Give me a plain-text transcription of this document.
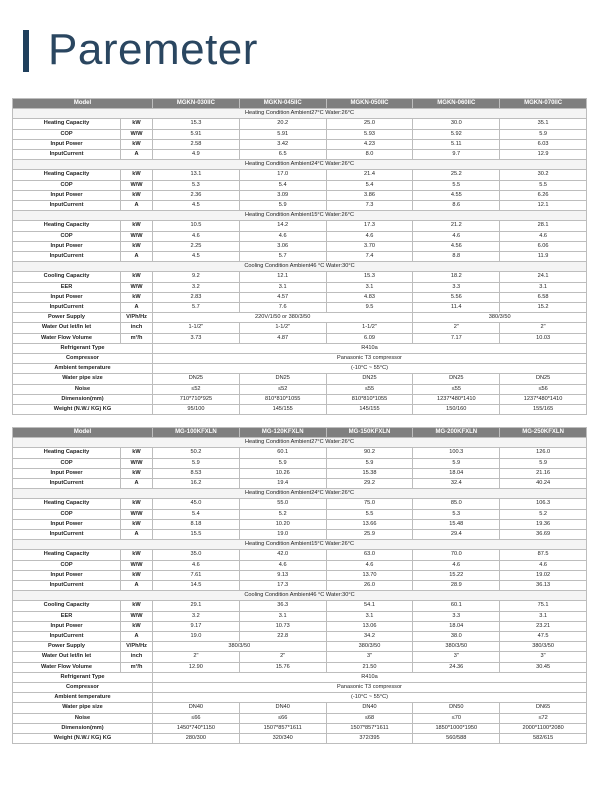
Paremeter
Model		MGKN-030IIC	MGKN-045IIC	MGKN-050IIC	MGKN-060IIC	MGKN-070IIC
Heating Condition Ambient27°C Water:26°C						
Heating Capacity	kW	15.3	20.2	25.0	30.0	35.1
COP	W/W	5.91	5.91	5.93	5.92	5.9
Input Power	kW	2.58	3.42	4.23	5.11	6.03
InputCurrent	A	4.9	6.5	8.0	9.7	12.9
Heating Condition Ambient24°C Water:26°C						
Heating Capacity	kW	13.1	17.0	21.4	25.2	30.2
COP	W/W	5.3	5.4	5.4	5.5	5.5
Input Power	kW	2.36	3.09	3.86	4.55	6.26
InputCurrent	A	4.5	5.9	7.3	8.6	12.1
Heating Condition Ambient15°C Water:26°C						
Heating Capacity	kW	10.5	14.2	17.3	21.2	28.1
COP	W/W	4.6	4.6	4.6	4.6	4.6
Input Power	kW	2.25	3.06	3.70	4.56	6.06
InputCurrent	A	4.5	5.7	7.4	8.8	11.9
Cooling Condition Ambient46 °C Water:30°C						
Cooling Capacity	kW	9.2	12.1	15.3	18.2	24.1
EER	W/W	3.2	3.1	3.1	3.3	3.1
Input Power	kW	2.83	4.57	4.83	5.56	6.58
InputCurrent	A	5.7	7.6	9.5	11.4	15.2
Power Supply	V/Ph/Hz	220V/1/50 or 380/3/50			380/3/50	
Water Out let/In let	inch	1-1/2"	1-1/2"	1-1/2"	2"	2"
Water Flow Volume	m³/h	3.73	4.87	6.09	7.17	10.03
Refrigerant Type		R410a				
Compressor		Panasonic T3 compressor				
Ambient temperature		(-10°C ~ 55°C)				
Water pipe size		DN25	DN25	DN25	DN25	DN25
Noise		≤52	≤52	≤55	≤55	≤56
Dimension(mm)		710*710*925	810*810*1055	810*810*1055	1237*480*1410	1237*480*1410
Weight (N.W./ KG) KG		95/100	145/155	145/155	150/160	155/165
Model		MG-100KFXLN	MG-120KFXLN	MG-150KFXLN	MG-200KFXLN	MG-250KFXLN
Heating Condition Ambient27°C Water:26°C						
Heating Capacity	kW	50.2	60.1	90.2	100.3	126.0
COP	W/W	5.9	5.9	5.9	5.9	5.9
Input Power	kW	8.53	10.26	15.38	18.04	21.16
InputCurrent	A	16.2	19.4	29.2	32.4	40.24
Heating Condition Ambient24°C Water:26°C						
Heating Capacity	kW	45.0	55.0	75.0	85.0	106.3
COP	W/W	5.4	5.2	5.5	5.3	5.2
Input Power	kW	8.18	10.20	13.66	15.48	19.36
InputCurrent	A	15.5	19.0	25.9	29.4	36.69
Heating Condition Ambient15°C Water:26°C						
Heating Capacity	kW	35.0	42.0	63.0	70.0	87.5
COP	W/W	4.6	4.6	4.6	4.6	4.6
Input Power	kW	7.61	9.13	13.70	15.22	19.02
InputCurrent	A	14.5	17.3	26.0	28.9	36.13
Cooling Condition Ambient46 °C Water:30°C						
Cooling Capacity	kW	29.1	36.3	54.1	60.1	75.1
EER	W/W	3.2	3.1	3.1	3.3	3.1
Input Power	kW	9.17	10.73	13.06	18.04	23.21
InputCurrent	A	19.0	22.8	34.2	38.0	47.5
Power Supply	V/Ph/Hz	380/3/50		380/3/50	380/3/50	380/3/50
Water Out let/In let	inch	2"	2"	3"	3"	3"
Water Flow Volume	m³/h	12.90	15.76	21.50	24.36	30.45
Refrigerant Type		R410a				
Compressor		Panasonic T3 compressor				
Ambient temperature		(-10°C ~ 55°C)				
Water pipe size		DN40	DN40	DN40	DN50	DN65
Noise		≤66	≤66	≤68	≤70	≤72
Dimension(mm)		1450*740*1150	1507*857*1611	1507*857*1611	1850*1000*1950	2000*1100*2080
Weight (N.W./ KG) KG		280/300	320/340	372/395	560/588	582/615
